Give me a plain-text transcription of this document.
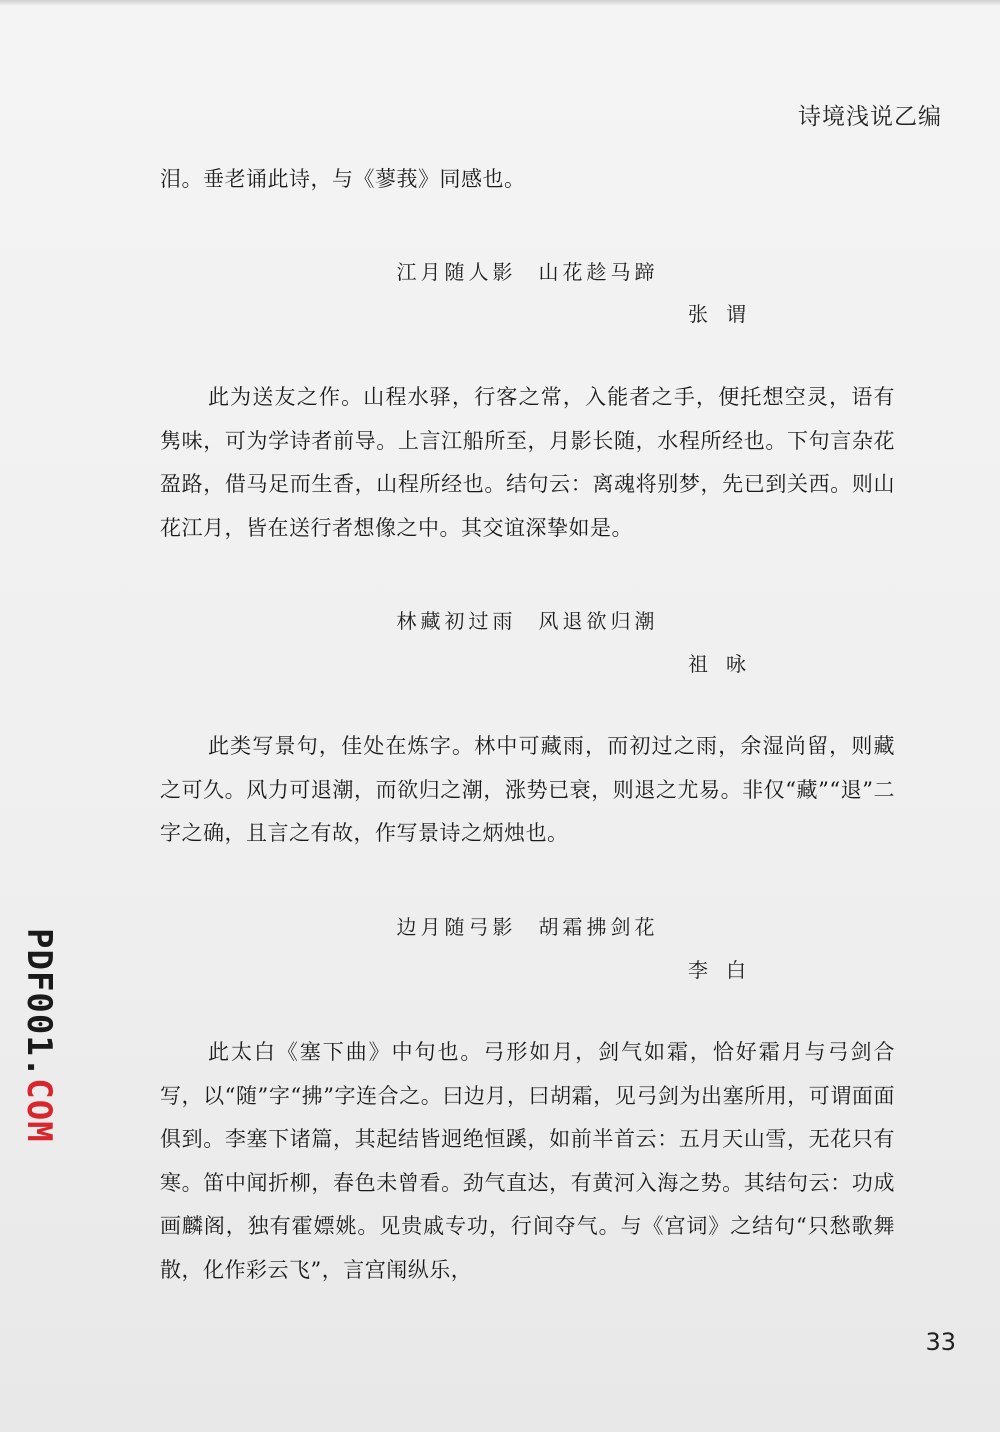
诗境浅说乙编

泪。垂老诵此诗，与《蓼莪》同感也。

江月随人影 山花趁马蹄
张谓

此为送友之作。山程水驿，行客之常，入能者之手，便托想空灵，语有隽味，可为学诗者前导。上言江船所至，月影长随，水程所经也。下句言杂花盈路，借马足而生香，山程所经也。结句云：离魂将别梦，先已到关西。则山花江月，皆在送行者想像之中。其交谊深挚如是。

林藏初过雨 风退欲归潮
祖咏

此类写景句，佳处在炼字。林中可藏雨，而初过之雨，余湿尚留，则藏之可久。风力可退潮，而欲归之潮，涨势已衰，则退之尤易。非仅“藏”“退”二字之确，且言之有故，作写景诗之炳烛也。

边月随弓影 胡霜拂剑花
李白

此太白《塞下曲》中句也。弓形如月，剑气如霜，恰好霜月与弓剑合写，以“随”字“拂”字连合之。曰边月，曰胡霜，见弓剑为出塞所用，可谓面面俱到。李塞下诸篇，其起结皆迥绝恒蹊，如前半首云：五月天山雪，无花只有寒。笛中闻折柳，春色未曾看。劲气直达，有黄河入海之势。其结句云：功成画麟阁，独有霍嫖姚。见贵戚专功，行间夺气。与《宫词》之结句“只愁歌舞散，化作彩云飞”，言宫闱纵乐，

PDF001.COM
33
